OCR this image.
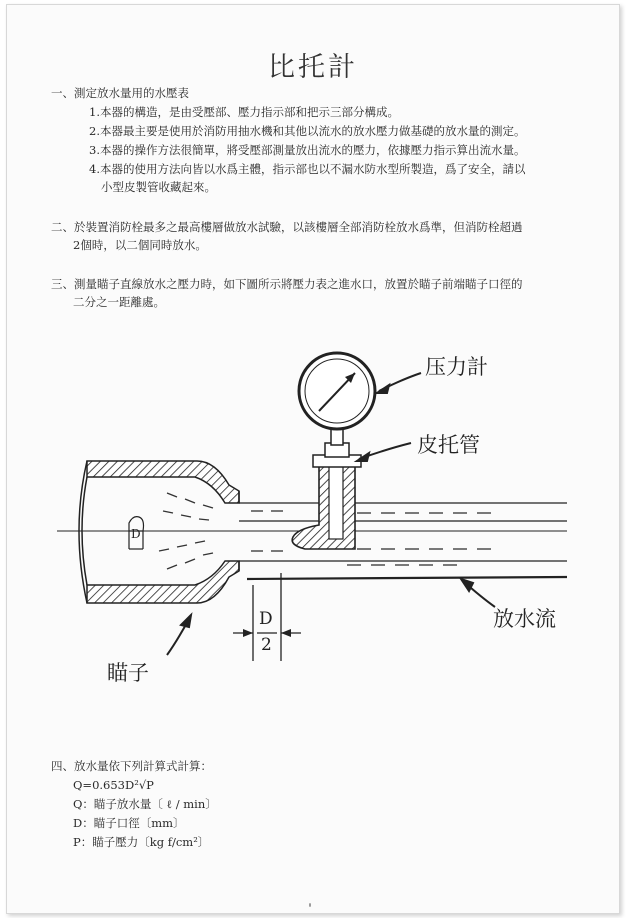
比托計
一、測定放水量用的水壓表
1.本器的構造，是由受壓部、壓力指示部和把示三部分構成。
2.本器最主要是使用於消防用抽水機和其他以流水的放水壓力做基礎的放水量的測定。
3.本器的操作方法很簡單，將受壓部測量放出流水的壓力，依據壓力指示算出流水量。
4.本器的使用方法向皆以水爲主體，指示部也以不漏水防水型所製造，爲了安全，請以
小型皮製管收藏起來。
二、於裝置消防栓最多之最高樓層做放水試驗，以該樓層全部消防栓放水爲準，但消防栓超過
2個時，以二個同時放水。
三、測量瞄子直線放水之壓力時，如下圖所示將壓力表之進水口，放置於瞄子前端瞄子口徑的
二分之一距離處。
压力計
皮托管
放水流
瞄子
D
2
D
四、放水量依下列計算式計算：
Q=0.653D²√P
Q：瞄子放水量〔 ℓ / min〕
D：瞄子口徑〔mm〕
P：瞄子壓力〔kg f/cm²〕
